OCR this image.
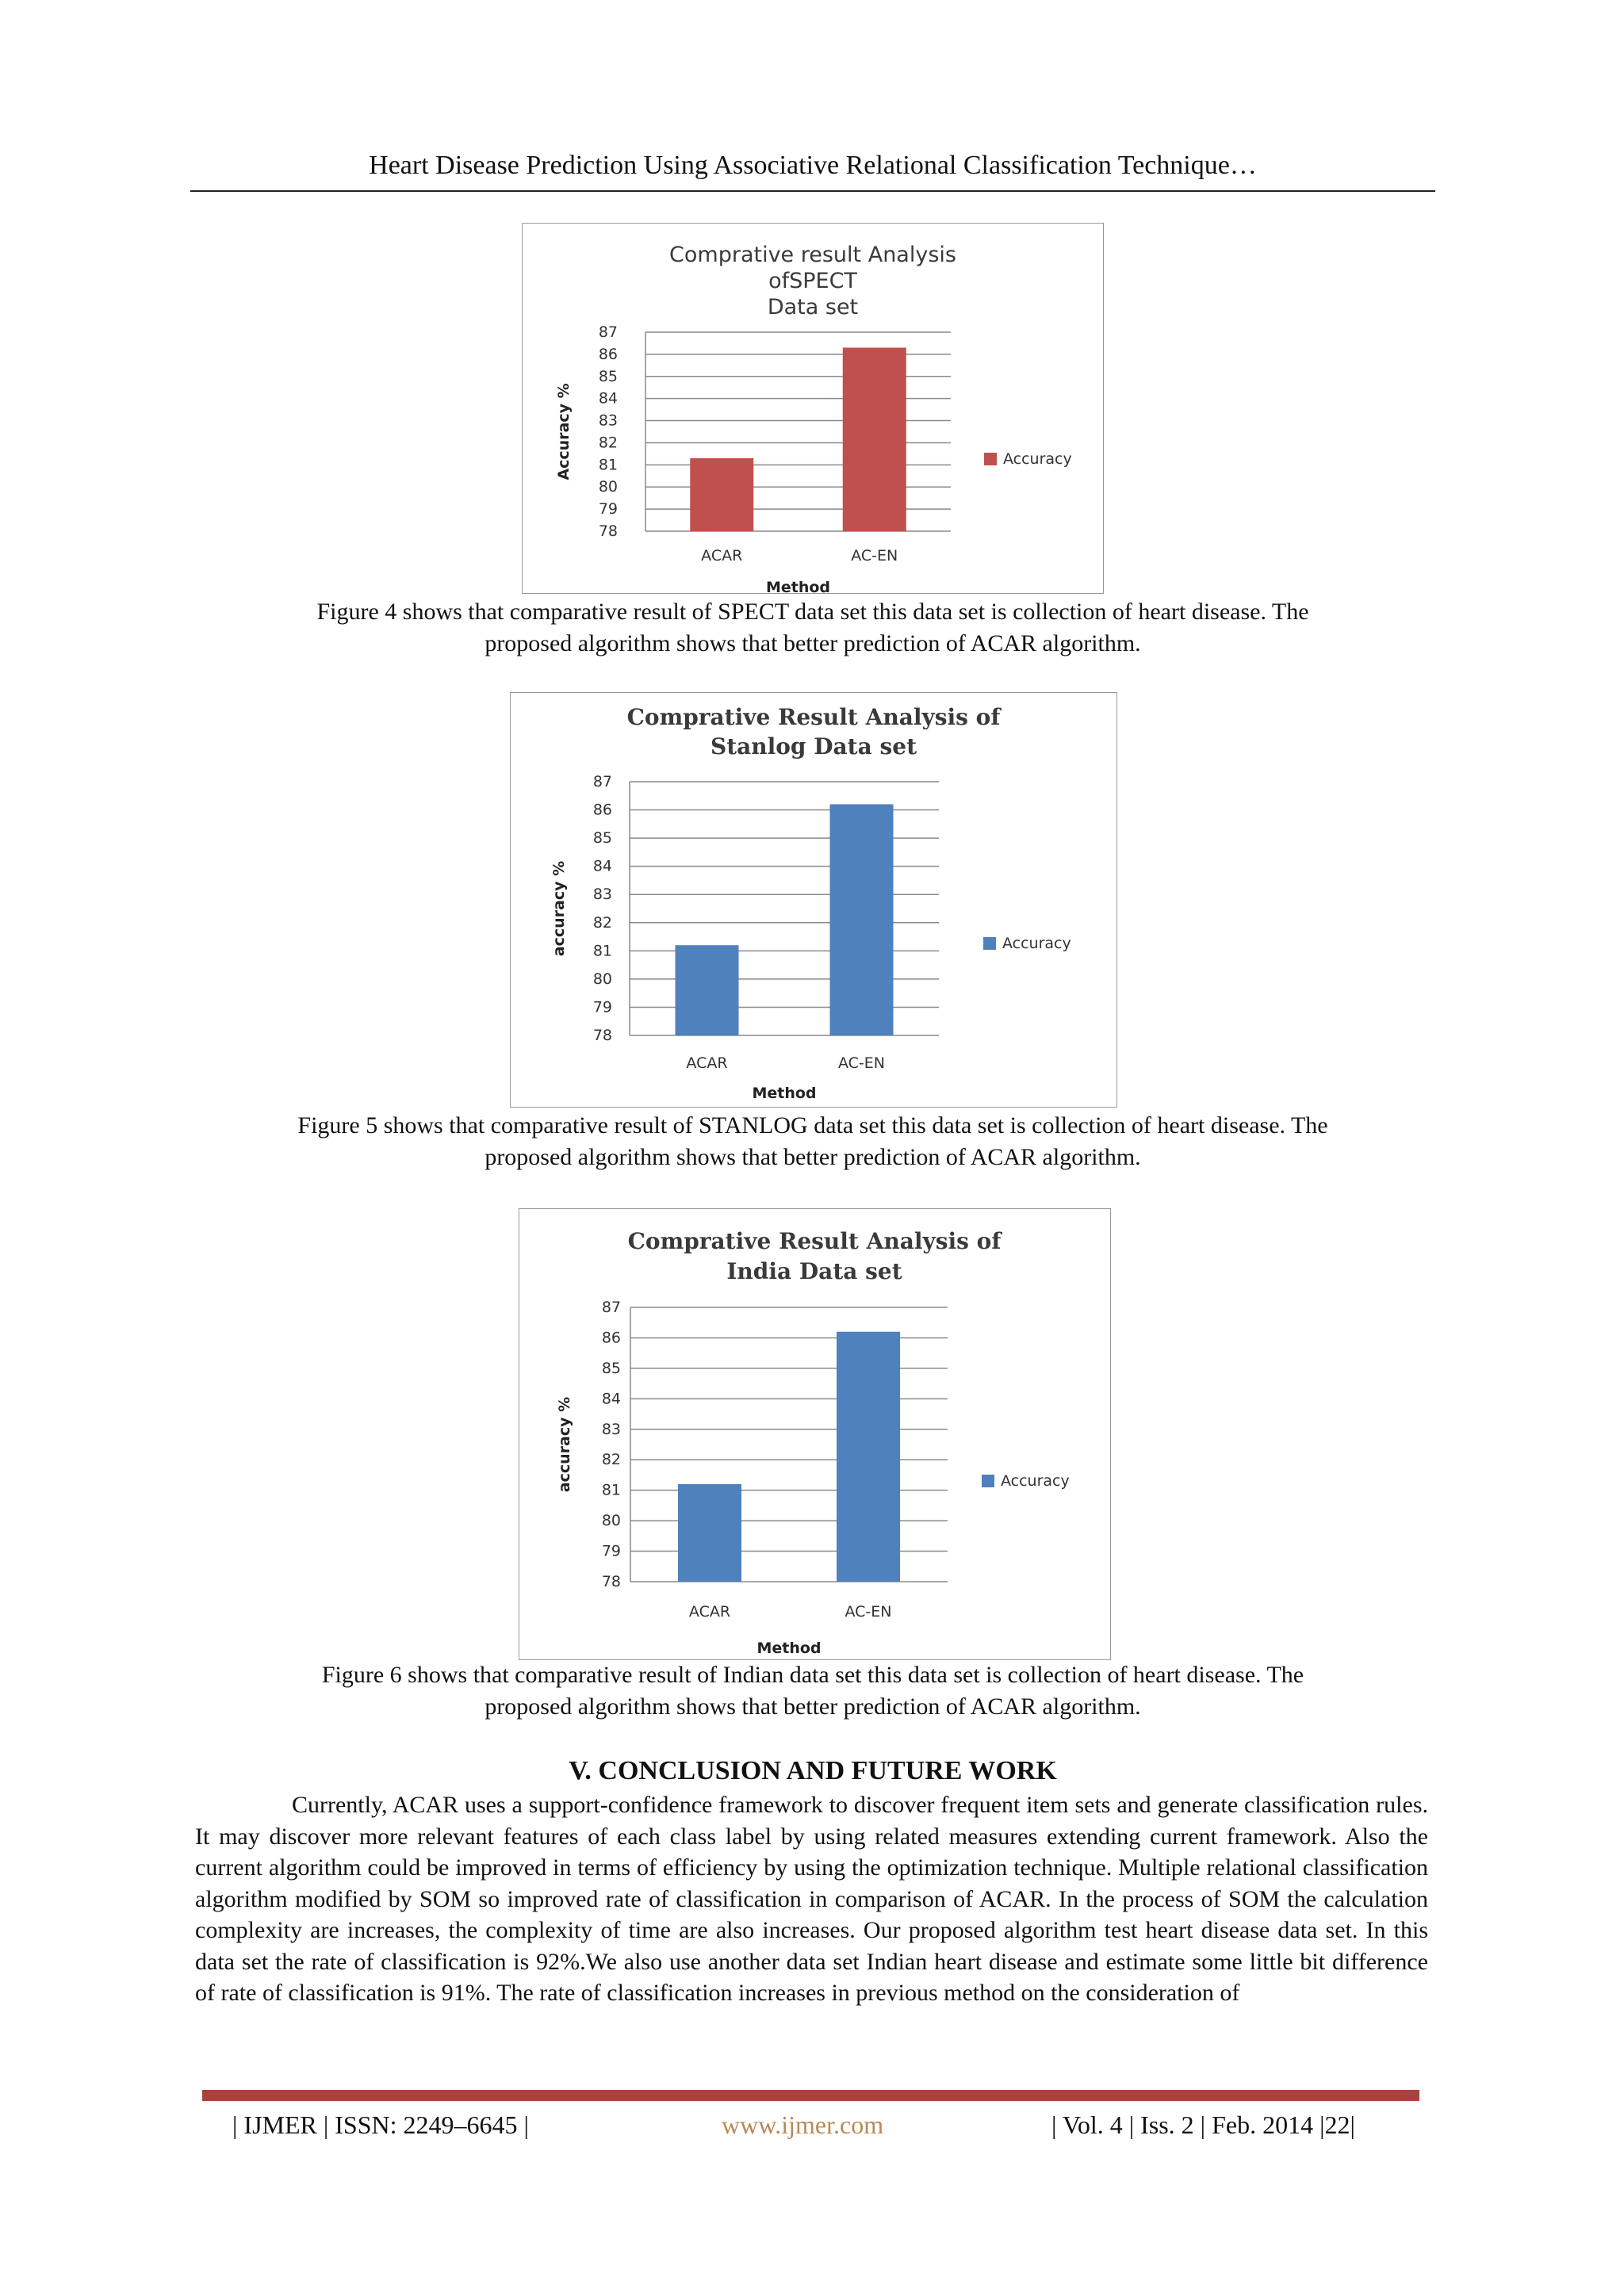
Heart Disease Prediction Using Associative Relational Classification Technique…
Comprative result Analysis
ofSPECT
Data set
78
79
80
81
82
83
84
85
86
87
ACAR	AC-EN
Method
Accuracy %	Accuracy
Figure 4 shows that comparative result of SPECT data set this data set is collection of heart disease. The
proposed algorithm shows that better prediction of ACAR algorithm.
Comprative Result Analysis of
Stanlog Data set
78
79
80
81
82
83
84
85
86
87
ACAR	AC-EN
Method
accuracy %	Accuracy
Figure 5 shows that comparative result of STANLOG data set this data set is collection of heart disease. The
proposed algorithm shows that better prediction of ACAR algorithm.
Comprative Result Analysis of
India Data set
78
79
80
81
82
83
84
85
86
87
ACAR	AC-EN
Method
accuracy %	Accuracy
Figure 6 shows that comparative result of Indian data set this data set is collection of heart disease. The
proposed algorithm shows that better prediction of ACAR algorithm.
V. CONCLUSION AND FUTURE WORK

Currently, ACAR uses a support-confidence framework to discover frequent item sets and generate classification rules. It may discover more relevant features of each class label by using related measures extending current framework. Also the current algorithm could be improved in terms of efficiency by using the optimization technique. Multiple relational classification algorithm modified by SOM so improved rate of classification in comparison of ACAR. In the process of SOM the calculation complexity are increases, the complexity of time are also increases. Our proposed algorithm test heart disease data set. In this data set the rate of classification is 92%.We also use another data set Indian heart disease and estimate some little bit difference of rate of classification is 91%. The rate of classification increases in previous method on the consideration of

| IJMER | ISSN: 2249–6645 |	www.ijmer.com	| Vol. 4 | Iss. 2 | Feb. 2014 |22|
